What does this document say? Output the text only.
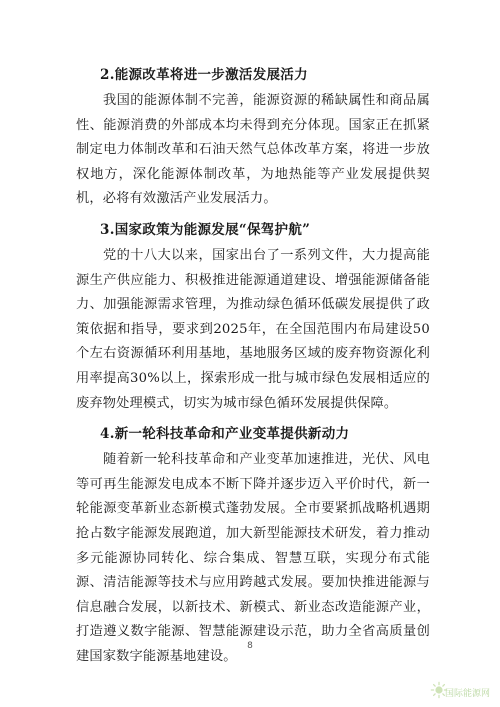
2.能源改革将进一步激活发展活力

我国的能源体制不完善，能源资源的稀缺属性和商品属性、能源消费的外部成本均未得到充分体现。国家正在抓紧制定电力体制改革和石油天然气总体改革方案，将进一步放权地方，深化能源体制改革，为地热能等产业发展提供契机，必将有效激活产业发展活力。

3.国家政策为能源发展“保驾护航”

党的十八大以来，国家出台了一系列文件，大力提高能源生产供应能力、积极推进能源通道建设、增强能源储备能力、加强能源需求管理，为推动绿色循环低碳发展提供了政策依据和指导，要求到2025年，在全国范围内布局建设50个左右资源循环利用基地，基地服务区域的废弃物资源化利用率提高30%以上，探索形成一批与城市绿色发展相适应的废弃物处理模式，切实为城市绿色循环发展提供保障。

4.新一轮科技革命和产业变革提供新动力

随着新一轮科技革命和产业变革加速推进，光伏、风电等可再生能源发电成本不断下降并逐步迈入平价时代，新一轮能源变革新业态新模式蓬勃发展。全市要紧抓战略机遇期抢占数字能源发展跑道，加大新型能源技术研发，着力推动多元能源协同转化、综合集成、智慧互联，实现分布式能源、清洁能源等技术与应用跨越式发展。要加快推进能源与信息融合发展，以新技术、新模式、新业态改造能源产业，打造遵义数字能源、智慧能源建设示范，助力全省高质量创建国家数字能源基地建设。

8
国际能源网
